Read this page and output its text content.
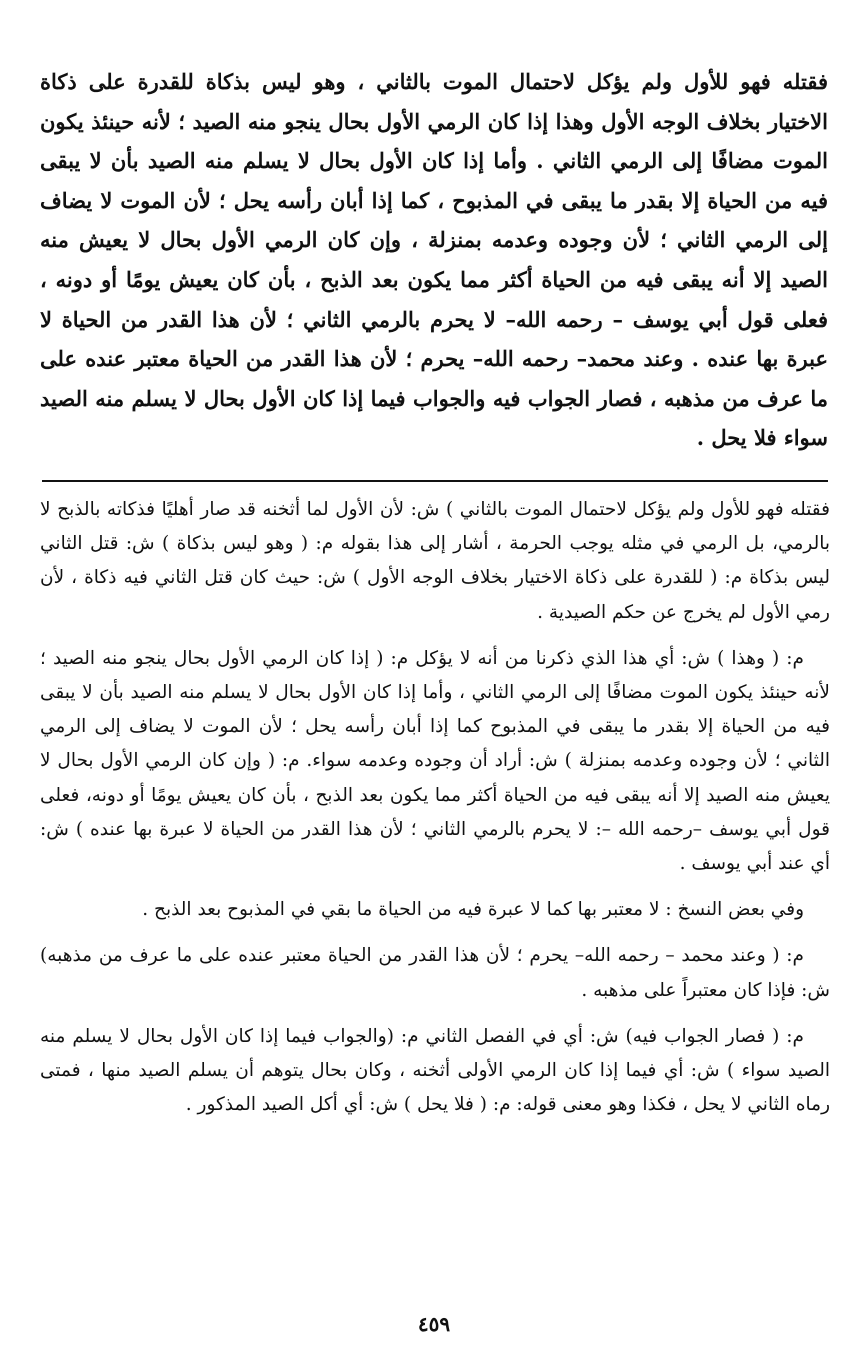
فقتله فهو للأول ولم يؤكل لاحتمال الموت بالثاني ، وهو ليس بذكاة للقدرة على ذكاة الاختيار بخلاف الوجه الأول وهذا إذا كان الرمي الأول بحال ينجو منه الصيد ؛ لأنه حينئذ يكون الموت مضافًا إلى الرمي الثاني . وأما إذا كان الأول بحال لا يسلم منه الصيد بأن لا يبقى فيه من الحياة إلا بقدر ما يبقى في المذبوح ، كما إذا أبان رأسه يحل ؛ لأن الموت لا يضاف إلى الرمي الثاني ؛ لأن وجوده وعدمه بمنزلة ، وإن كان الرمي الأول بحال لا يعيش منه الصيد إلا أنه يبقى فيه من الحياة أكثر مما يكون بعد الذبح ، بأن كان يعيش يومًا أو دونه ، فعلى قول أبي يوسف – رحمه الله– لا يحرم بالرمي الثاني ؛ لأن هذا القدر من الحياة لا عبرة بها عنده . وعند محمد– رحمه الله– يحرم ؛ لأن هذا القدر من الحياة معتبر عنده على ما عرف من مذهبه ، فصار الجواب فيه والجواب فيما إذا كان الأول بحال لا يسلم منه الصيد سواء فلا يحل .

فقتله فهو للأول ولم يؤكل لاحتمال الموت بالثاني ) ش: لأن الأول لما أثخنه قد صار أهليًا فذكاته بالذبح لا بالرمي، بل الرمي في مثله يوجب الحرمة ، أشار إلى هذا بقوله م: ( وهو ليس بذكاة ) ش: قتل الثاني ليس بذكاة م: ( للقدرة على ذكاة الاختيار بخلاف الوجه الأول ) ش: حيث كان قتل الثاني فيه ذكاة ، لأن رمي الأول لم يخرج عن حكم الصيدية .

م: ( وهذا ) ش: أي هذا الذي ذكرنا من أنه لا يؤكل م: ( إذا كان الرمي الأول بحال ينجو منه الصيد ؛ لأنه حينئذ يكون الموت مضافًا إلى الرمي الثاني ، وأما إذا كان الأول بحال لا يسلم منه الصيد بأن لا يبقى فيه من الحياة إلا بقدر ما يبقى في المذبوح كما إذا أبان رأسه يحل ؛ لأن الموت لا يضاف إلى الرمي الثاني ؛ لأن وجوده وعدمه بمنزلة ) ش: أراد أن وجوده وعدمه سواء. م: ( وإن كان الرمي الأول بحال لا يعيش منه الصيد إلا أنه يبقى فيه من الحياة أكثر مما يكون بعد الذبح ، بأن كان يعيش يومًا أو دونه، فعلى قول أبي يوسف –رحمه الله –: لا يحرم بالرمي الثاني ؛ لأن هذا القدر من الحياة لا عبرة بها عنده ) ش: أي عند أبي يوسف .

وفي بعض النسخ : لا معتبر بها كما لا عبرة فيه من الحياة ما بقي في المذبوح بعد الذبح .

م: ( وعند محمد – رحمه الله– يحرم ؛ لأن هذا القدر من الحياة معتبر عنده على ما عرف من مذهبه) ش: فإذا كان معتبراً على مذهبه .

م: ( فصار الجواب فيه) ش: أي في الفصل الثاني م: (والجواب فيما إذا كان الأول بحال لا يسلم منه الصيد سواء ) ش: أي فيما إذا كان الرمي الأولى أثخنه ، وكان بحال يتوهم أن يسلم الصيد منها ، فمتى رماه الثاني لا يحل ، فكذا وهو معنى قوله: م: ( فلا يحل ) ش: أي أكل الصيد المذكور .

٤٥٩
